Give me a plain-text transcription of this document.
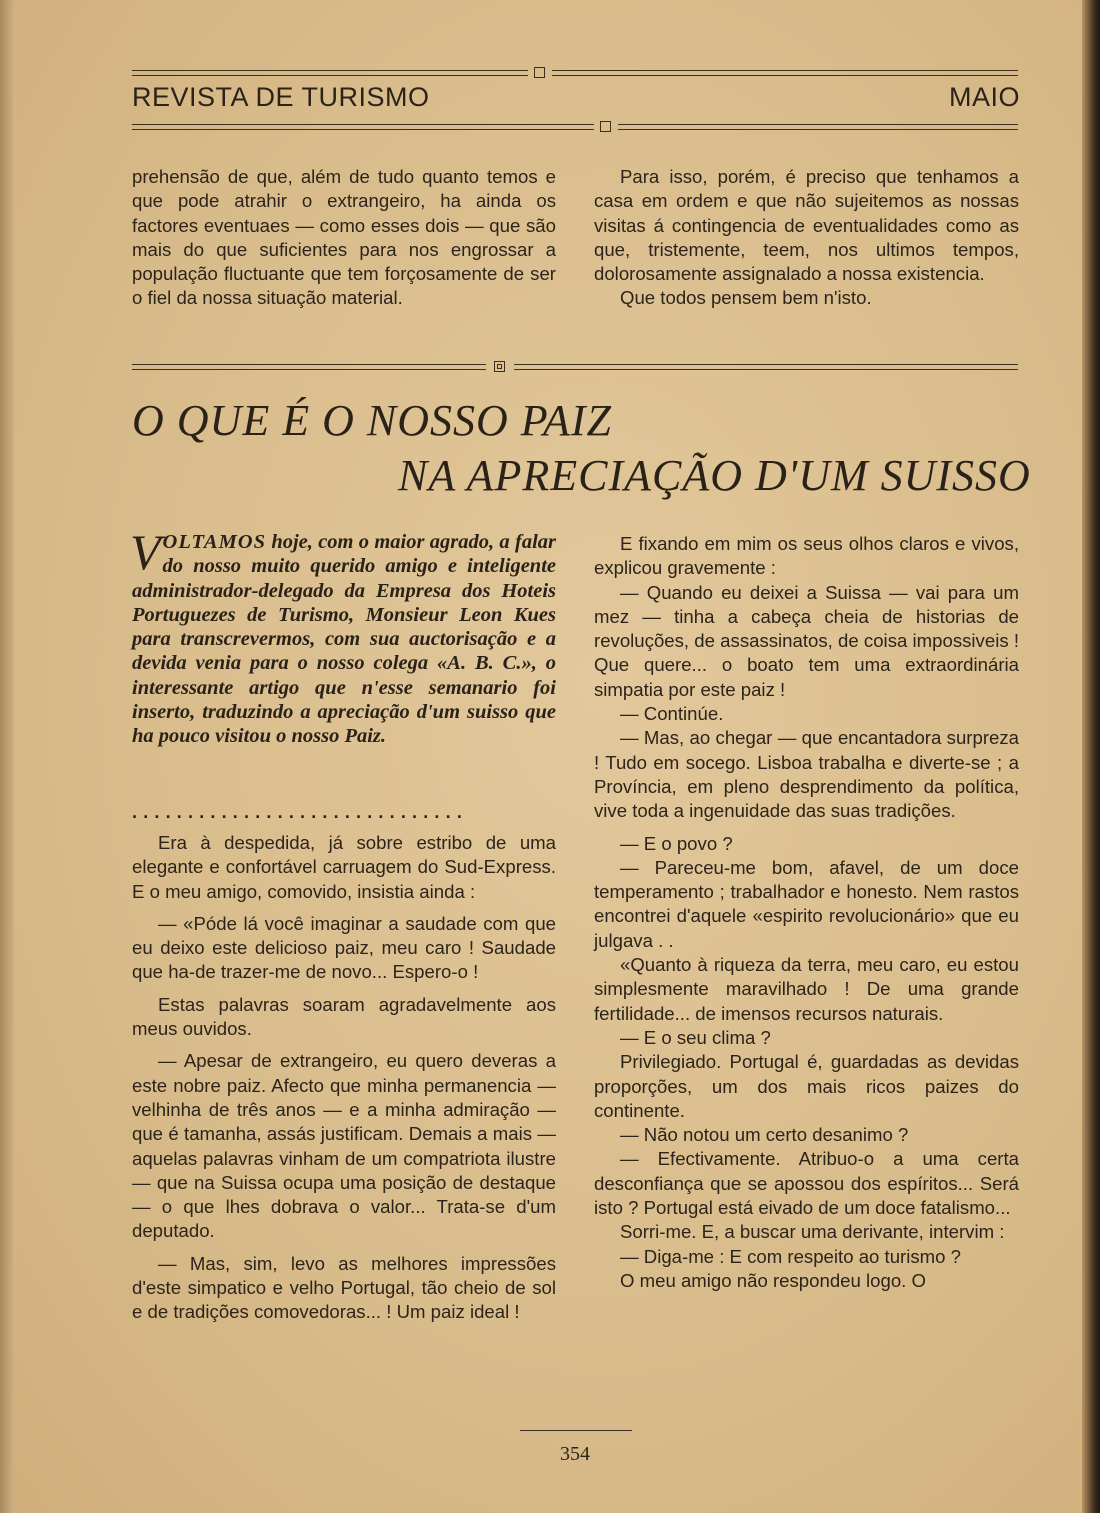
REVISTA DE TURISMO	MAIO

prehensão de que, além de tudo quanto temos e que pode atrahir o extrangeiro, ha ainda os factores eventuaes — como esses dois — que são mais do que suficientes para nos engrossar a população fluctuante que tem forçosamente de ser o fiel da nossa situação material.

Para isso, porém, é preciso que tenhamos a casa em ordem e que não sujeitemos as nossas visitas á contingencia de eventualidades como as que, tristemente, teem, nos ultimos tempos, dolorosamente assignalado a nossa existencia.

Que todos pensem bem n'isto.

O QUE É O NOSSO PAIZ
NA APRECIAÇÃO D'UM SUISSO
VOLTAMOS hoje, com o maior agrado, a falar do nosso muito querido amigo e inteligente administrador-delegado da Empresa dos Hoteis Portuguezes de Turismo, Monsieur Leon Kues para transcrevermos, com sua auctorisação e a devida venia para o nosso colega «A. B. C.», o interessante artigo que n'esse semanario foi inserto, traduzindo a apreciação d'um suisso que ha pouco visitou o nosso Paiz.
..............................

Era à despedida, já sobre estribo de uma elegante e confortável carruagem do Sud-Express. E o meu amigo, comovido, insistia ainda :

— «Póde lá você imaginar a saudade com que eu deixo este delicioso paiz, meu caro ! Saudade que ha-de trazer-me de novo... Espero-o !

Estas palavras soaram agradavelmente aos meus ouvidos.

— Apesar de extrangeiro, eu quero deveras a este nobre paiz. Afecto que minha permanencia — velhinha de três anos — e a minha admiração — que é tamanha, assás justificam. Demais a mais — aquelas palavras vinham de um compatriota ilustre — que na Suissa ocupa uma posição de destaque — o que lhes dobrava o valor... Trata-se d'um deputado.

— Mas, sim, levo as melhores impressões d'este simpatico e velho Portugal, tão cheio de sol e de tradições comovedoras... ! Um paiz ideal !

E fixando em mim os seus olhos claros e vivos, explicou gravemente :

— Quando eu deixei a Suissa — vai para um mez — tinha a cabeça cheia de historias de revoluções, de assassinatos, de coisa impossiveis ! Que quere... o boato tem uma extraordinária simpatia por este paiz !

— Continúe.

— Mas, ao chegar — que encantadora surpreza ! Tudo em socego. Lisboa trabalha e diverte-se ; a Província, em pleno desprendimento da política, vive toda a ingenuidade das suas tradições.

— E o povo ?

— Pareceu-me bom, afavel, de um doce temperamento ; trabalhador e honesto. Nem rastos encontrei d'aquele «espirito revolucionário» que eu julgava . .

«Quanto à riqueza da terra, meu caro, eu estou simplesmente maravilhado ! De uma grande fertilidade... de imensos recursos naturais.

— E o seu clima ?

Privilegiado. Portugal é, guardadas as devidas proporções, um dos mais ricos paizes do continente.

— Não notou um certo desanimo ?

— Efectivamente. Atribuo-o a uma certa desconfiança que se apossou dos espíritos... Será isto ? Portugal está eivado de um doce fatalismo...

Sorri-me. E, a buscar uma derivante, intervim :

— Diga-me : E com respeito ao turismo ?

O meu amigo não respondeu logo. O

354
